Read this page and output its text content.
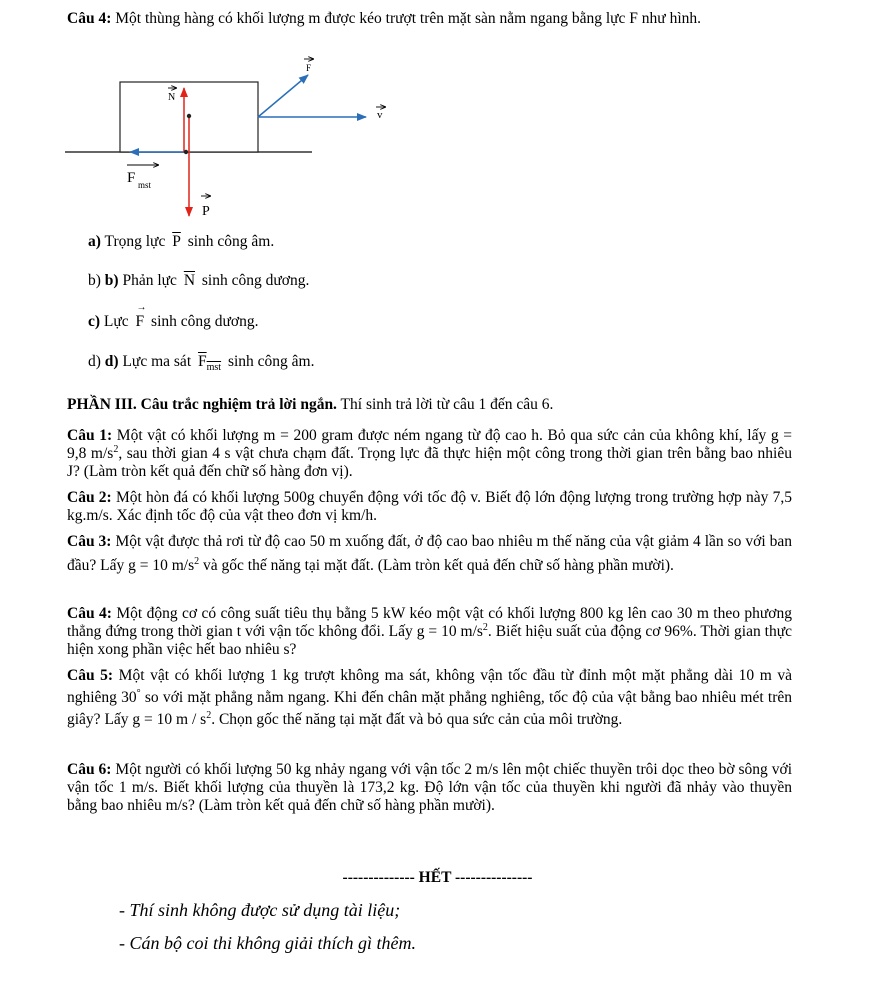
Câu 4: Một thùng hàng có khối lượng m được kéo trượt trên mặt sàn nằm ngang bằng lực F như hình.
F
N
v
F mst
P
a) Trọng lực $\overline{P}$ sinh công âm.
b) b) Phản lực $\overline{N}$ sinh công dương.
c) Lực
→
F sinh công dương.
d) d) Lực ma sát $F_{mst}$ sinh công âm.
PHẦN III. Câu trắc nghiệm trả lời ngắn. Thí sinh trả lời từ câu 1 đến câu 6.
Câu 1: Một vật có khối lượng m = 200 gram được ném ngang từ độ cao h. Bỏ qua sức cản của không khí, lấy g = 9,8 $m/s^2$, sau thời gian 4 s vật chưa chạm đất. Trọng lực đã thực hiện một công trong thời gian trên bằng bao nhiêu J? (Làm tròn kết quả đến chữ số hàng đơn vị).
Câu 2: Một hòn đá có khối lượng 500g chuyển động với tốc độ v. Biết độ lớn động lượng trong trường hợp này 7,5 kg.m/s. Xác định tốc độ của vật theo đơn vị km/h.
Câu 3: Một vật được thả rơi từ độ cao 50 m xuống đất, ở độ cao bao nhiêu m thế năng của vật giảm 4 lần so với ban đầu? Lấy g = 10 $m/s^2$ và gốc thế năng tại mặt đất. (Làm tròn kết quả đến chữ số hàng phần mười).
Câu 4: Một động cơ có công suất tiêu thụ bằng 5 kW kéo một vật có khối lượng 800 kg lên cao 30 m theo phương thẳng đứng trong thời gian t với vận tốc không đổi. Lấy g = 10 $m/s^2$. Biết hiệu suất của động cơ 96%. Thời gian thực hiện xong phần việc hết bao nhiêu s?
Câu 5: Một vật có khối lượng 1 kg trượt không ma sát, không vận tốc đầu từ đỉnh một mặt phẳng dài 10 m và nghiêng 30° so với mặt phẳng nằm ngang. Khi đến chân mặt phẳng nghiêng, tốc độ của vật bằng bao nhiêu mét trên giây? Lấy g = 10 m / $s^2$. Chọn gốc thế năng tại mặt đất và bỏ qua sức cản của môi trường.
Câu 6: Một người có khối lượng 50 kg nhảy ngang với vận tốc 2 m/s lên một chiếc thuyền trôi dọc theo bờ sông với vận tốc 1 m/s. Biết khối lượng của thuyền là 173,2 kg. Độ lớn vận tốc của thuyền khi người đã nhảy vào thuyền bằng bao nhiêu m/s? (Làm tròn kết quả đến chữ số hàng phần mười).
-------------- HẾT ---------------
- Thí sinh không được sử dụng tài liệu;
- Cán bộ coi thi không giải thích gì thêm.
